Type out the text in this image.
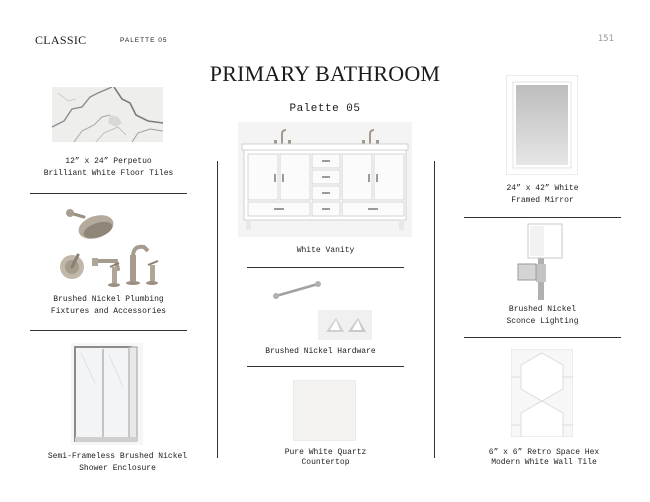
CLASSIC	PALETTE 05	151
PRIMARY BATHROOM
Palette 05
12” x 24” Perpetuo
Brilliant White Floor Tiles
Brushed Nickel Plumbing
Fixtures and Accessories
Semi-Frameless Brushed Nickel
Shower Enclosure
White Vanity
Brushed Nickel Hardware
Pure White Quartz
Countertop
24” x 42” White
Framed Mirror
Brushed Nickel
Sconce Lighting
6” x 6” Retro Space Hex
Modern White Wall Tile
